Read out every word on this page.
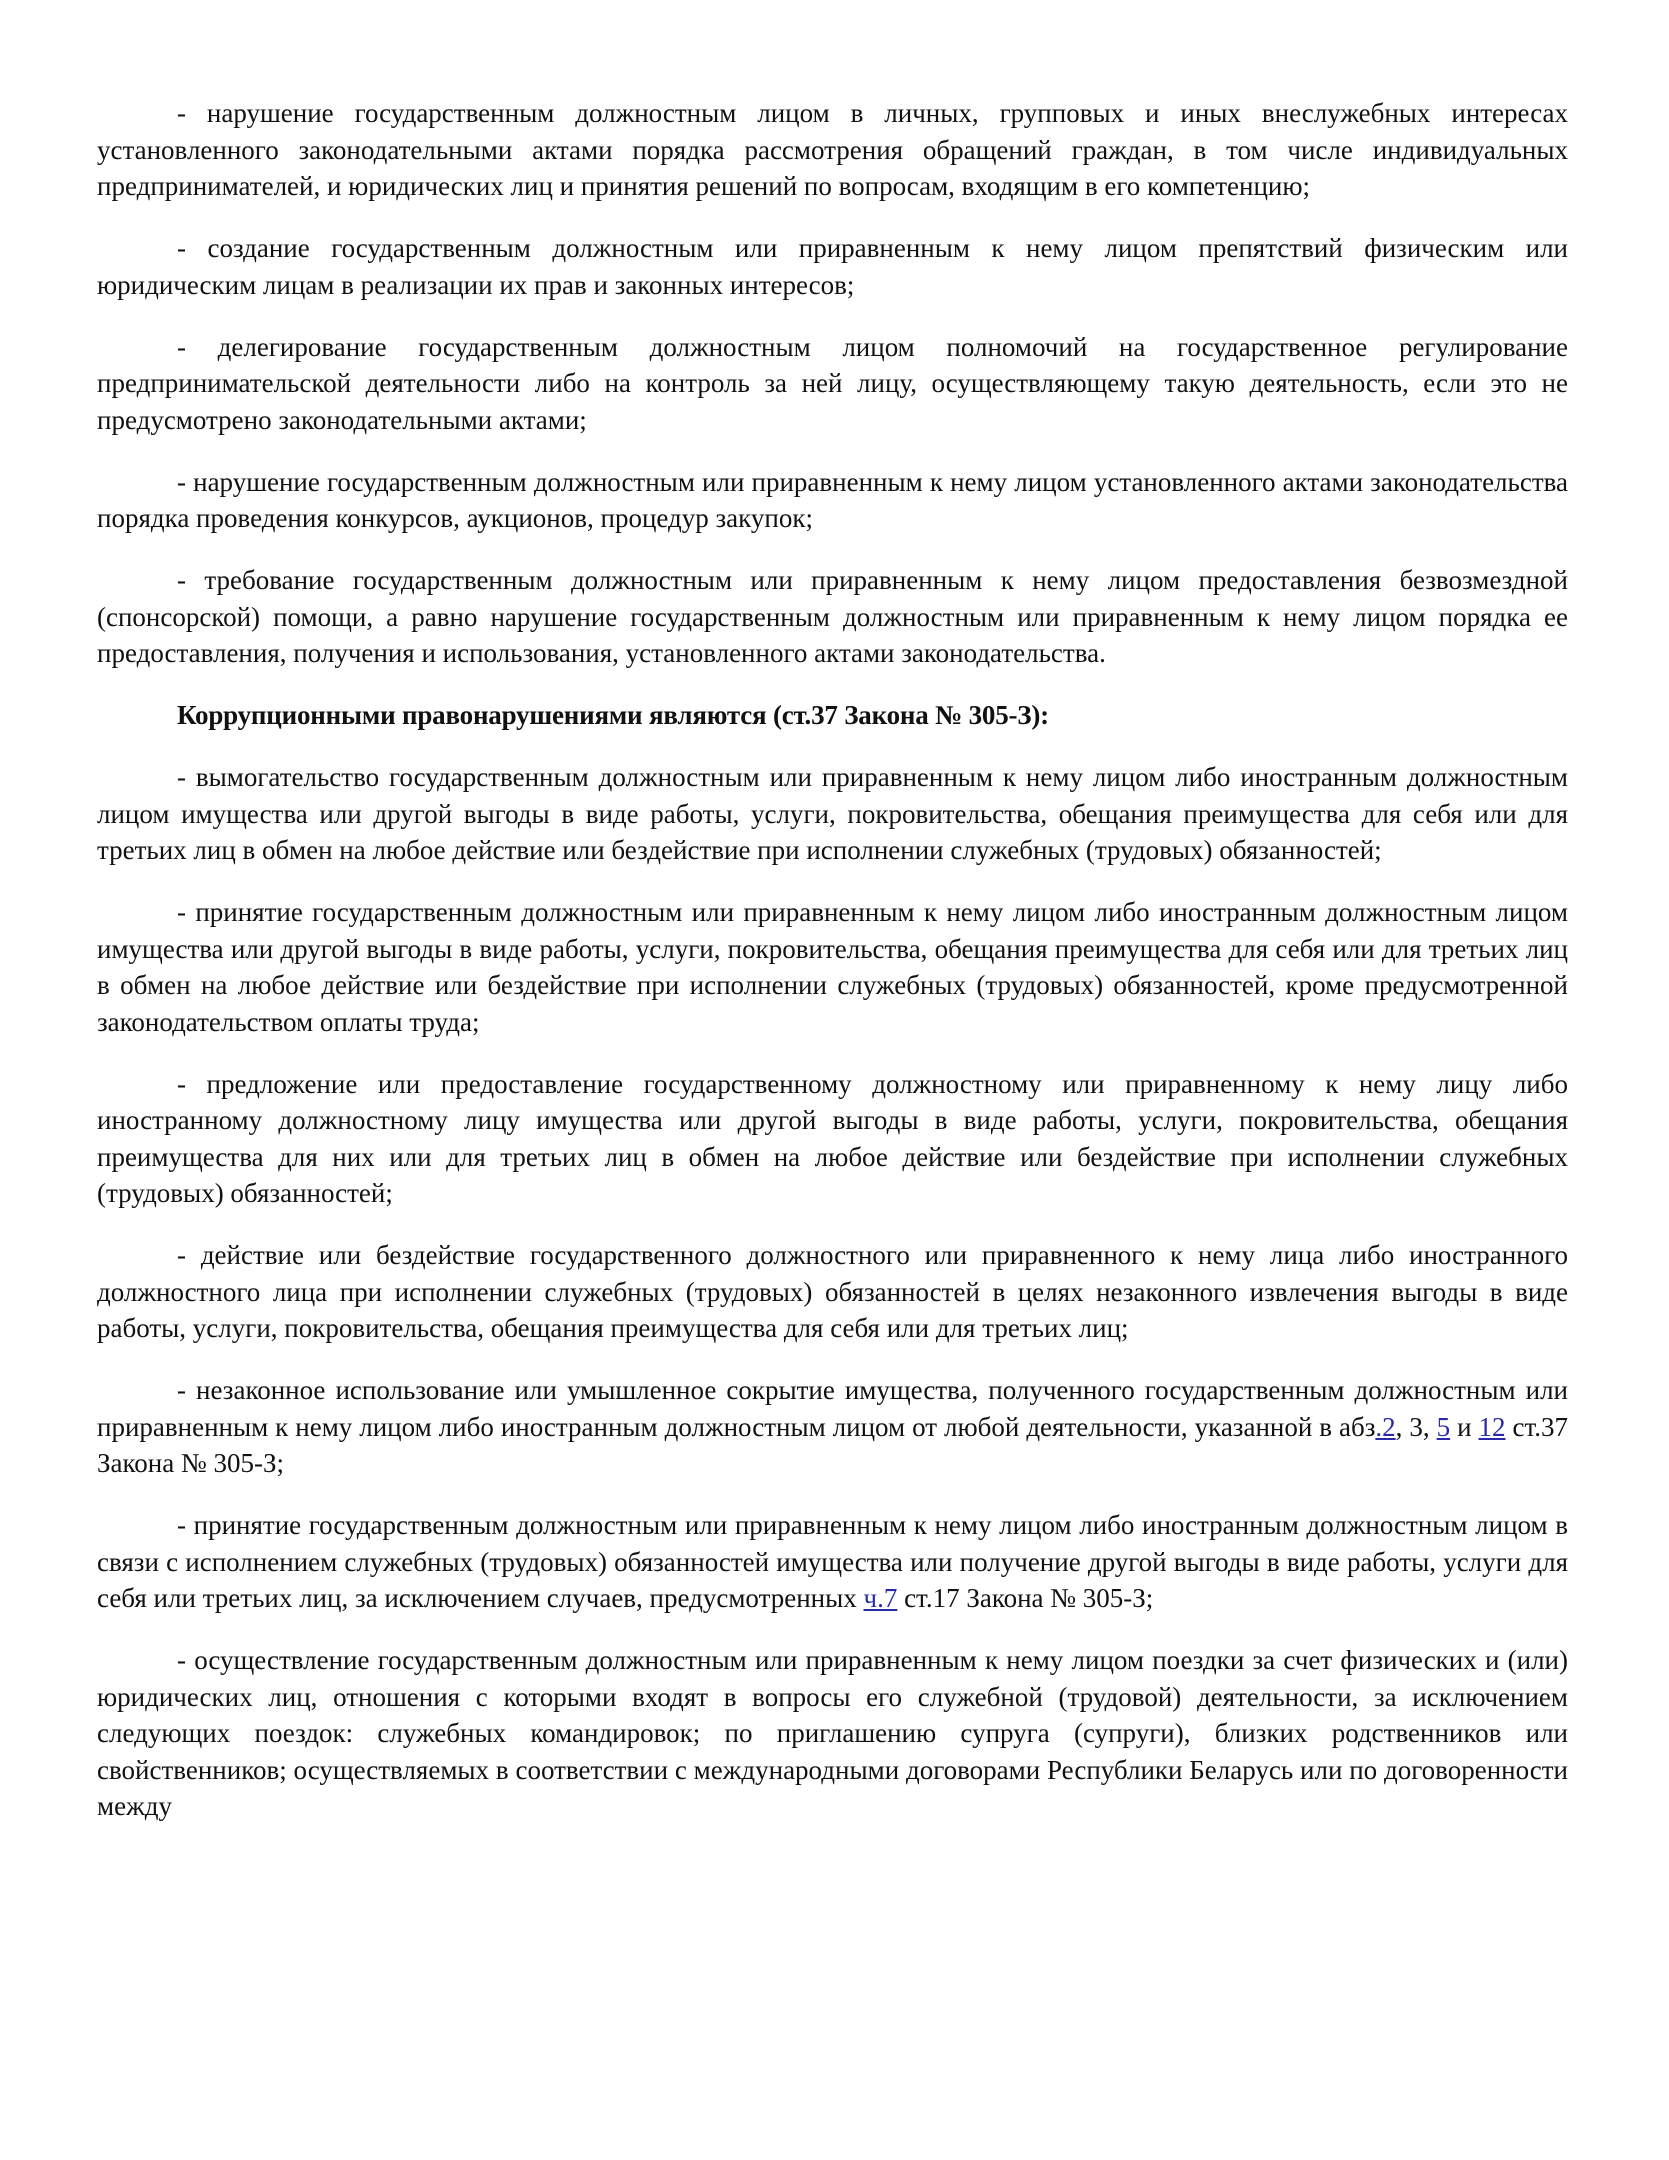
- нарушение государственным должностным лицом в личных, групповых и иных внеслужебных интересах установленного законодательными актами порядка рассмотрения обращений граждан, в том числе индивидуальных предпринимателей, и юридических лиц и принятия решений по вопросам, входящим в его компетенцию;

- создание государственным должностным или приравненным к нему лицом препятствий физическим или юридическим лицам в реализации их прав и законных интересов;

- делегирование государственным должностным лицом полномочий на государственное регулирование предпринимательской деятельности либо на контроль за ней лицу, осуществляющему такую деятельность, если это не предусмотрено законодательными актами;

- нарушение государственным должностным или приравненным к нему лицом установленного актами законодательства порядка проведения конкурсов, аукционов, процедур закупок;

- требование государственным должностным или приравненным к нему лицом предоставления безвозмездной (спонсорской) помощи, а равно нарушение государственным должностным или приравненным к нему лицом порядка ее предоставления, получения и использования, установленного актами законодательства.

Коррупционными правонарушениями являются (ст.37 Закона № 305-З):

- вымогательство государственным должностным или приравненным к нему лицом либо иностранным должностным лицом имущества или другой выгоды в виде работы, услуги, покровительства, обещания преимущества для себя или для третьих лиц в обмен на любое действие или бездействие при исполнении служебных (трудовых) обязанностей;

- принятие государственным должностным или приравненным к нему лицом либо иностранным должностным лицом имущества или другой выгоды в виде работы, услуги, покровительства, обещания преимущества для себя или для третьих лиц в обмен на любое действие или бездействие при исполнении служебных (трудовых) обязанностей, кроме предусмотренной законодательством оплаты труда;

- предложение или предоставление государственному должностному или приравненному к нему лицу либо иностранному должностному лицу имущества или другой выгоды в виде работы, услуги, покровительства, обещания преимущества для них или для третьих лиц в обмен на любое действие или бездействие при исполнении служебных (трудовых) обязанностей;

- действие или бездействие государственного должностного или приравненного к нему лица либо иностранного должностного лица при исполнении служебных (трудовых) обязанностей в целях незаконного извлечения выгоды в виде работы, услуги, покровительства, обещания преимущества для себя или для третьих лиц;

- незаконное использование или умышленное сокрытие имущества, полученного государственным должностным или приравненным к нему лицом либо иностранным должностным лицом от любой деятельности, указанной в абз.2, 3, 5 и 12 ст.37 Закона № 305-З;

- принятие государственным должностным или приравненным к нему лицом либо иностранным должностным лицом в связи с исполнением служебных (трудовых) обязанностей имущества или получение другой выгоды в виде работы, услуги для себя или третьих лиц, за исключением случаев, предусмотренных ч.7 ст.17 Закона № 305-З;

- осуществление государственным должностным или приравненным к нему лицом поездки за счет физических и (или) юридических лиц, отношения с которыми входят в вопросы его служебной (трудовой) деятельности, за исключением следующих поездок: служебных командировок; по приглашению супруга (супруги), близких родственников или свойственников; осуществляемых в соответствии с международными договорами Республики Беларусь или по договоренности между
